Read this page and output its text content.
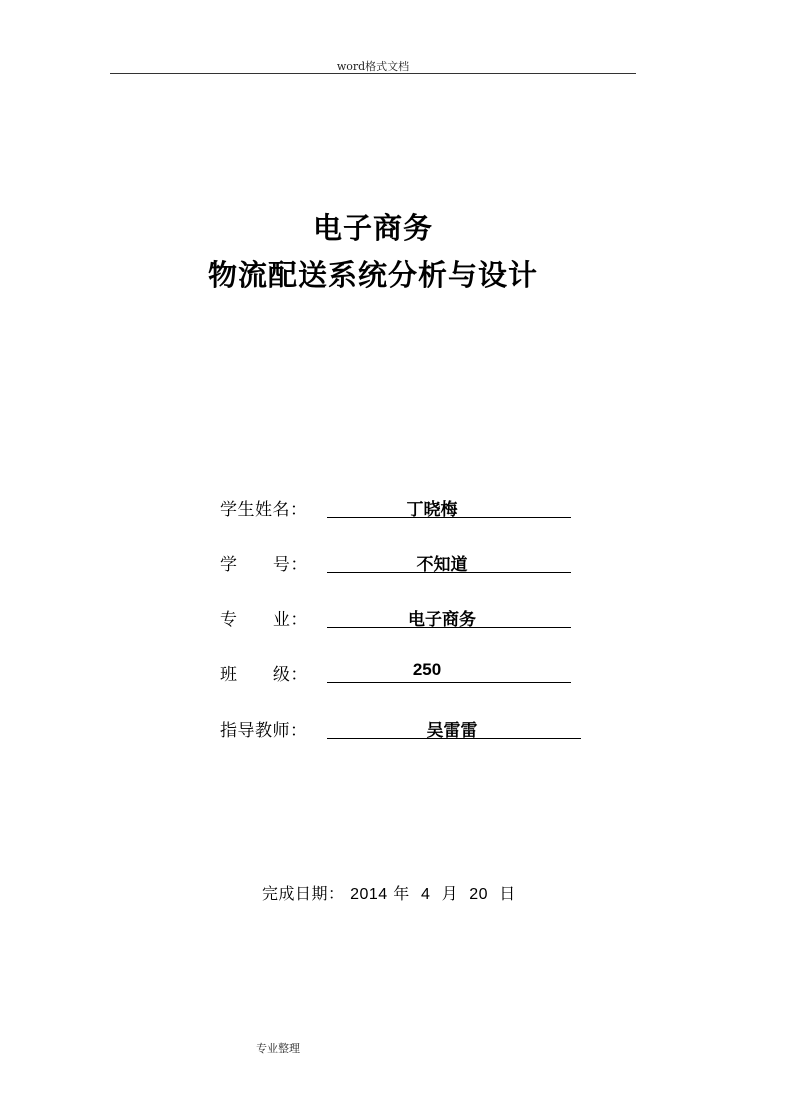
word格式文档
电子商务
物流配送系统分析与设计
学生姓名：	丁晓梅
学      号：	不知道
专      业：	电子商务
班      级：	250
指导教师：	吴雷雷
完成日期： 2014 年 4 月 20 日
专业整理
